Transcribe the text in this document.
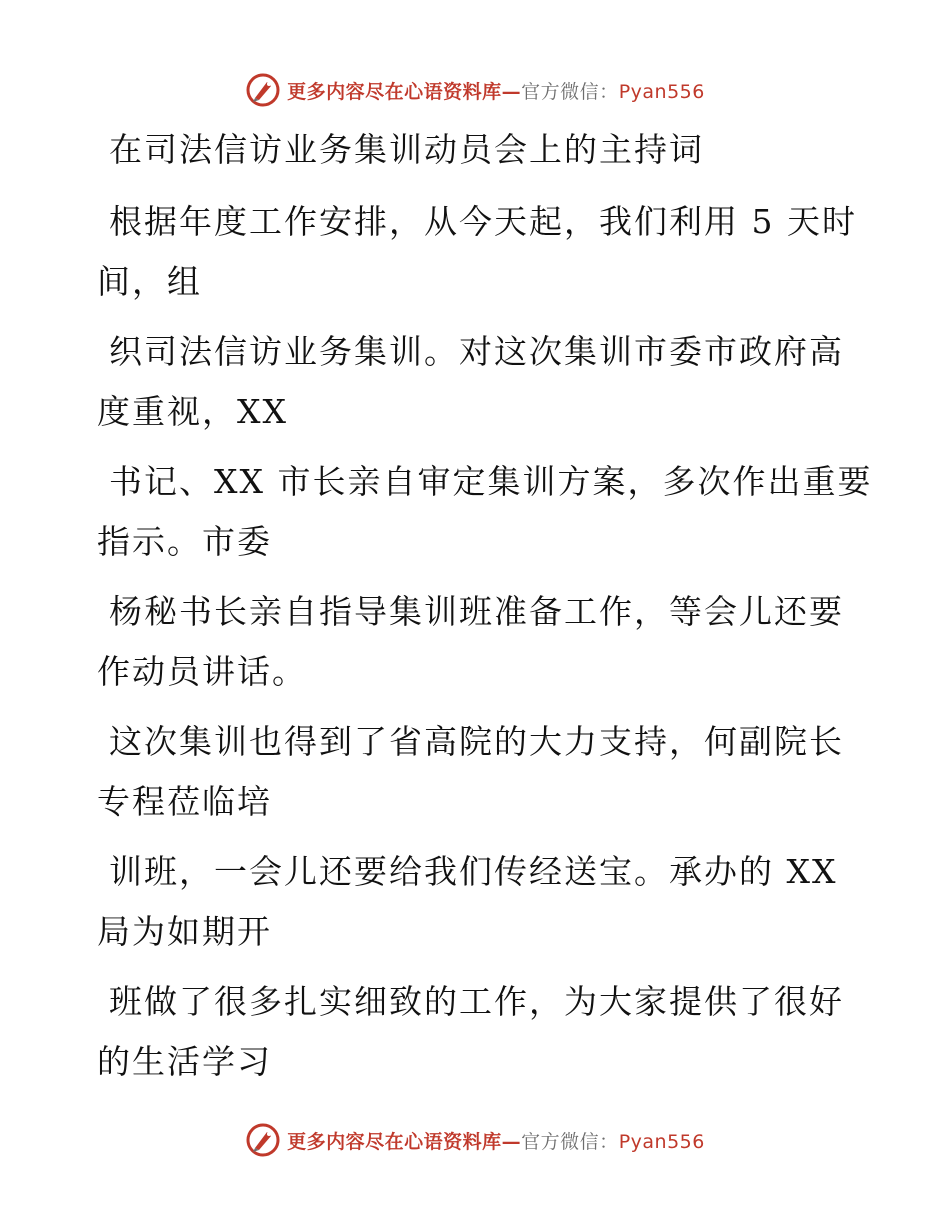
更多内容尽在心语资料库—官方微信：Pyan556
在司法信访业务集训动员会上的主持词
根据年度工作安排，从今天起，我们利用 5 天时
间，组
织司法信访业务集训。对这次集训市委市政府高
度重视，XX
书记、XX 市长亲自审定集训方案，多次作出重要
指示。市委
杨秘书长亲自指导集训班准备工作，等会儿还要
作动员讲话。
这次集训也得到了省高院的大力支持，何副院长
专程莅临培
训班，一会儿还要给我们传经送宝。承办的 XX
局为如期开
班做了很多扎实细致的工作，为大家提供了很好
的生活学习
更多内容尽在心语资料库—官方微信：Pyan556
